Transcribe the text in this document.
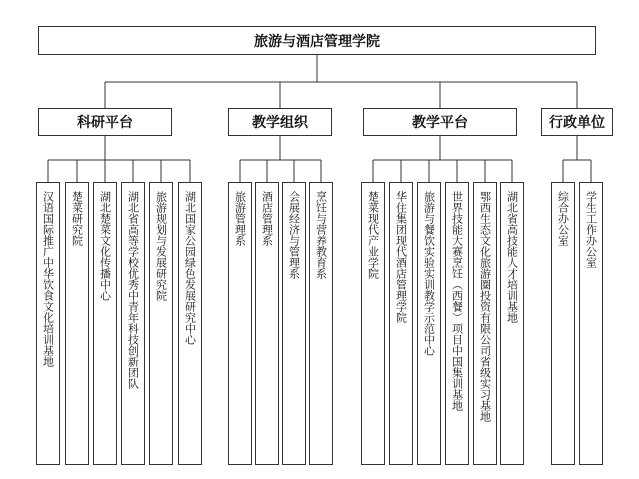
旅游与酒店管理学院
科研平台	教学组织	教学平台	行政单位
汉语国际推广中华饮食文化培训基地 楚菜研究院 湖北楚菜文化传播中心 湖北省高等学校优秀中青年科技创新团队 旅游规划与发展研究院 湖北国家公园绿色发展研究中心	旅游管理系 酒店管理系 会展经济与管理系 烹饪与营养教育系	楚菜现代产业学院 华住集团现代酒店管理学院 旅游与餐饮实验实训教学示范中心 世界技能大赛烹饪（西餐）项目中国集训基地 鄂西生态文化旅游圈投资有限公司省级实习基地 湖北省高技能人才培训基地	综合办公室 学生工作办公室
